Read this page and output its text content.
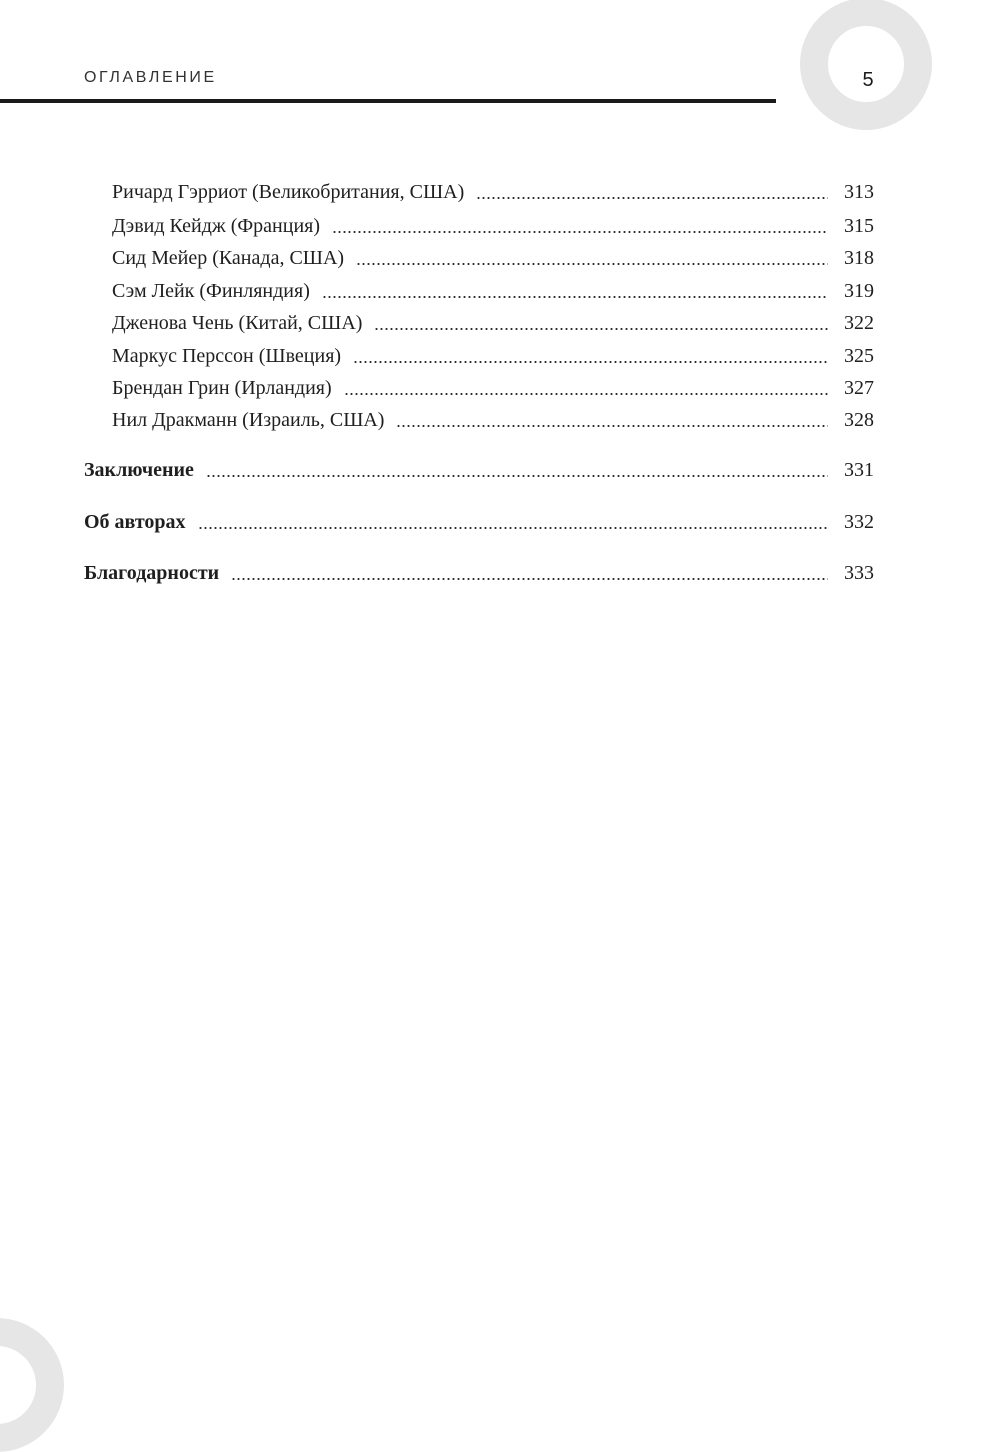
5
ОГЛАВЛЕНИЕ
Ричард Гэрриот (Великобритания, США)	313
Дэвид Кейдж (Франция)	315
Сид Мейер (Канада, США)	318
Сэм Лейк (Финляндия)	319
Дженова Чень (Китай, США)	322
Маркус Перссон (Швеция)	325
Брендан Грин (Ирландия)	327
Нил Дракманн (Израиль, США)	328
Заключение	331
Об авторах	332
Благодарности	333
